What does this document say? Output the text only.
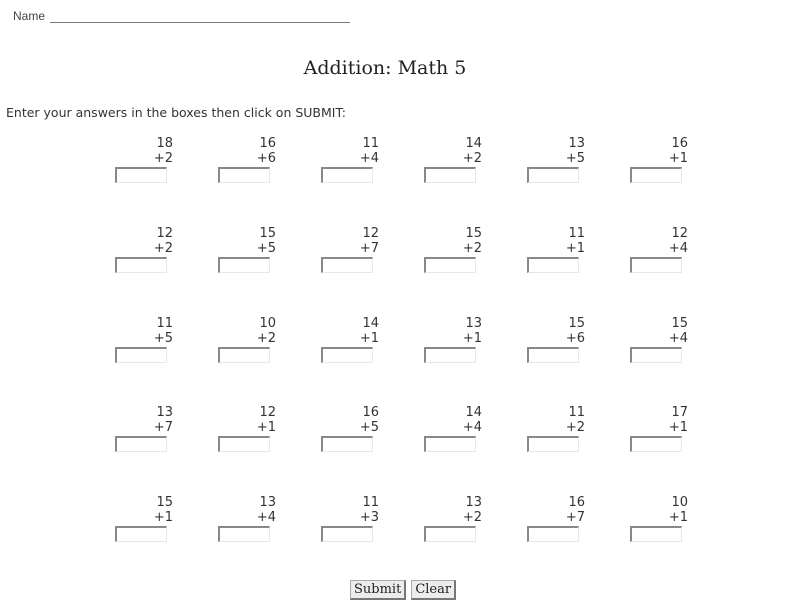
Name
Addition: Math 5
Enter your answers in the boxes then click on SUBMIT:
18
+2
16
+6
11
+4
14
+2
13
+5
16
+1
12
+2
15
+5
12
+7
15
+2
11
+1
12
+4
11
+5
10
+2
14
+1
13
+1
15
+6
15
+4
13
+7
12
+1
16
+5
14
+4
11
+2
17
+1
15
+1
13
+4
11
+3
13
+2
16
+7
10
+1
Submit	Clear
